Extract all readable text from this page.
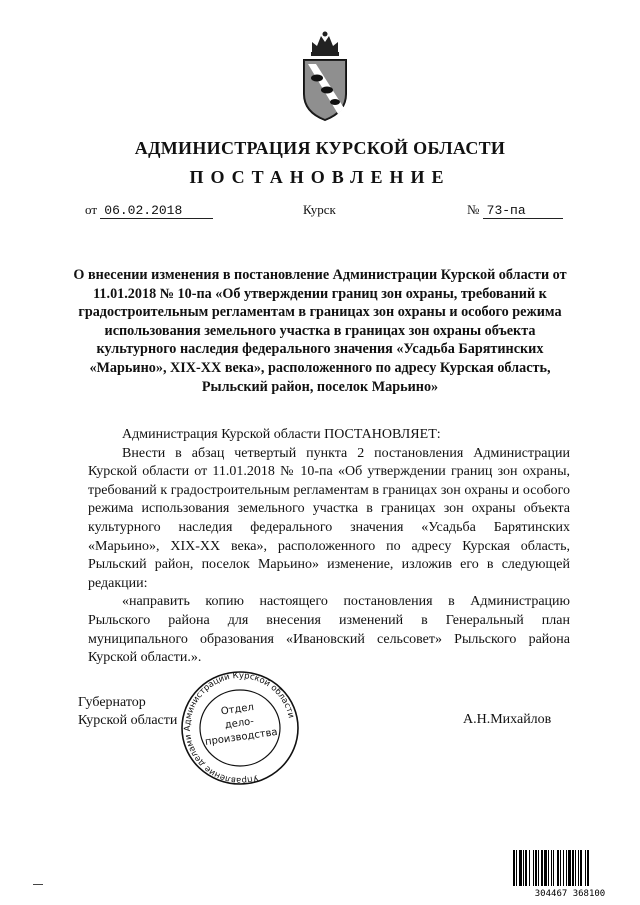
АДМИНИСТРАЦИЯ КУРСКОЙ ОБЛАСТИ
ПОСТАНОВЛЕНИЕ
от 06.02.2018	Курск	№ 73-па
О внесении изменения в постановление Администрации Курской области от 11.01.2018 № 10-па «Об утверждении границ зон охраны, требований к градостроительным регламентам в границах зон охраны и особого режима использования земельного участка в границах зон охраны объекта культурного наследия федерального значения «Усадьба Барятинских «Марьино», XIX-XX века», расположенного по адресу Курская область, Рыльский район, поселок Марьино»

Администрация Курской области ПОСТАНОВЛЯЕТ:

Внести в абзац четвертый пункта 2 постановления Администрации Курской области от 11.01.2018 № 10-па «Об утверждении границ зон охраны, требований к градостроительным регламентам в границах зон охраны и особого режима использования земельного участка в границах зон охраны объекта культурного наследия федерального значения «Усадьба Барятинских «Марьино», XIX-XX века», расположенного по адресу Курская область, Рыльский район, поселок Марьино» изменение, изложив его в следующей редакции:

«направить копию настоящего постановления в Администрацию Рыльского района для внесения изменений в Генеральный план муниципального образования «Ивановский сельсовет» Рыльского района Курской области.».

Губернатор
Курской области	А.Н.Михайлов
Управление делами Администрации Курской области
Отдел
дело-
производства
304467 368100
